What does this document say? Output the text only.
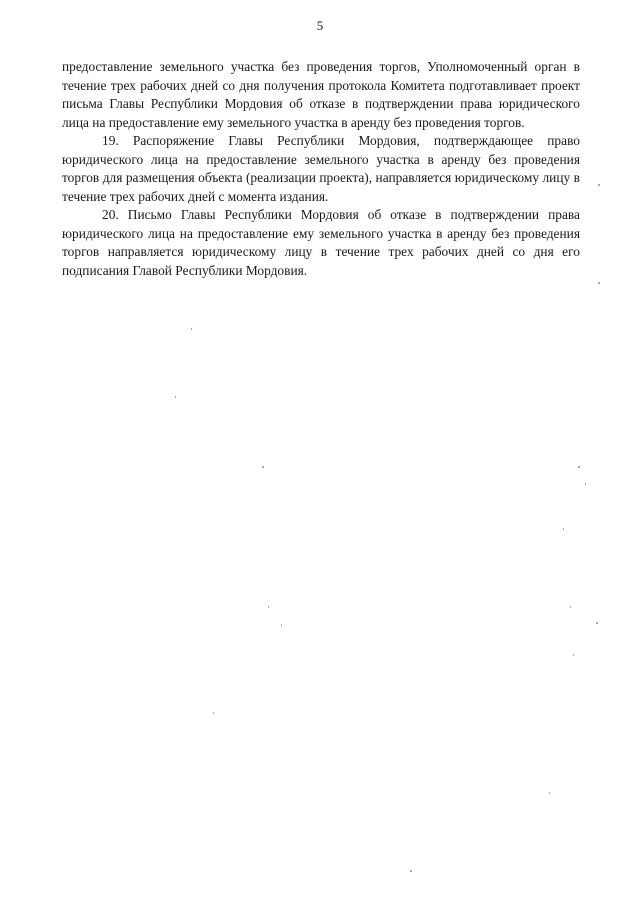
5

предоставление земельного участка без проведения торгов, Уполномоченный орган в течение трех рабочих дней со дня получения протокола Комитета подготавливает проект письма Главы Республики Мордовия об отказе в подтверждении права юридического лица на предоставление ему земельного участка в аренду без проведения торгов.

19. Распоряжение Главы Республики Мордовия, подтверждающее право юридического лица на предоставление земельного участка в аренду без проведения торгов для размещения объекта (реализации проекта), направляется юридическому лицу в течение трех рабочих дней с момента издания.

20. Письмо Главы Республики Мордовия об отказе в подтверждении права юридического лица на предоставление ему земельного участка в аренду без проведения торгов направляется юридическому лицу в течение трех рабочих дней со дня его подписания Главой Республики Мордовия.
